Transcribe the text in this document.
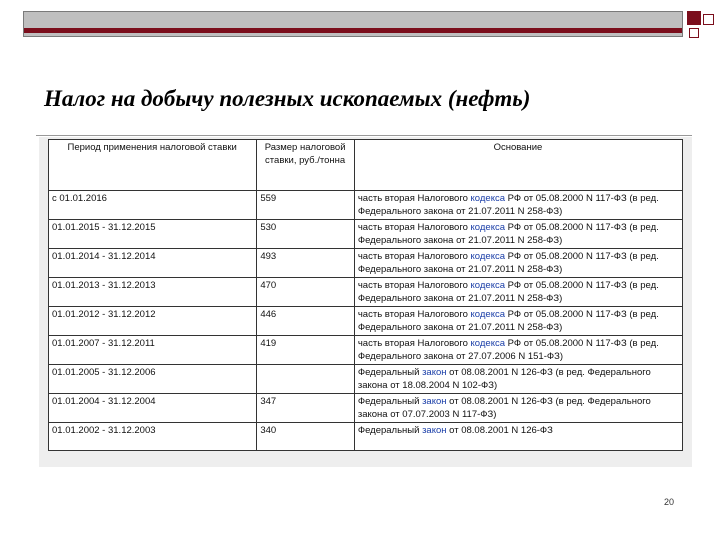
Налог на добычу полезных ископаемых (нефть)
Период применения налоговой ставки	Размер налоговой ставки, руб./тонна	Основание
с 01.01.2016	559	часть вторая Налогового кодекса РФ от 05.08.2000 N 117-ФЗ (в ред. Федерального закона от 21.07.2011 N 258-ФЗ)
01.01.2015 - 31.12.2015	530	часть вторая Налогового кодекса РФ от 05.08.2000 N 117-ФЗ (в ред. Федерального закона от 21.07.2011 N 258-ФЗ)
01.01.2014 - 31.12.2014	493	часть вторая Налогового кодекса РФ от 05.08.2000 N 117-ФЗ (в ред. Федерального закона от 21.07.2011 N 258-ФЗ)
01.01.2013 - 31.12.2013	470	часть вторая Налогового кодекса РФ от 05.08.2000 N 117-ФЗ (в ред. Федерального закона от 21.07.2011 N 258-ФЗ)
01.01.2012 - 31.12.2012	446	часть вторая Налогового кодекса РФ от 05.08.2000 N 117-ФЗ (в ред. Федерального закона от 21.07.2011 N 258-ФЗ)
01.01.2007 - 31.12.2011	419	часть вторая Налогового кодекса РФ от 05.08.2000 N 117-ФЗ (в ред. Федерального закона от 27.07.2006 N 151-ФЗ)
01.01.2005 - 31.12.2006		Федеральный закон от 08.08.2001 N 126-ФЗ (в ред. Федерального закона от 18.08.2004 N 102-ФЗ)
01.01.2004 - 31.12.2004	347	Федеральный закон от 08.08.2001 N 126-ФЗ (в ред. Федерального закона от 07.07.2003 N 117-ФЗ)
01.01.2002 - 31.12.2003	340	Федеральный закон от 08.08.2001 N 126-ФЗ
20
